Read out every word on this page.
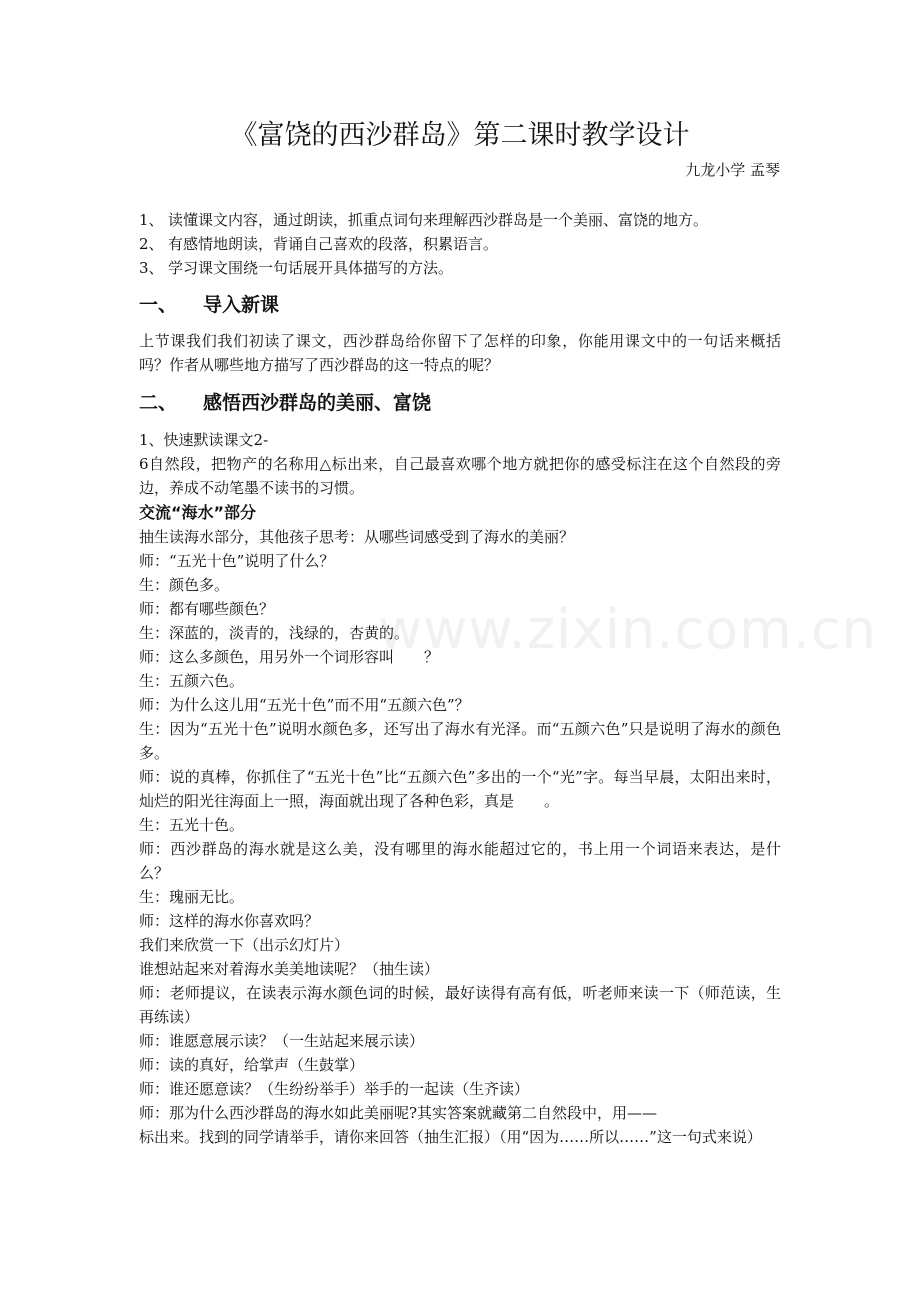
《富饶的西沙群岛》第二课时教学设计
九龙小学 孟琴
1、 读懂课文内容，通过朗读，抓重点词句来理解西沙群岛是一个美丽、富饶的地方。
2、 有感情地朗读，背诵自己喜欢的段落，积累语言。
3、 学习课文围绕一句话展开具体描写的方法。
一、 导入新课
上节课我们我们初读了课文，西沙群岛给你留下了怎样的印象，你能用课文中的一句话来概括吗？作者从哪些地方描写了西沙群岛的这一特点的呢？
二、 感悟西沙群岛的美丽、富饶
1、快速默读课文2-
6自然段，把物产的名称用△标出来，自己最喜欢哪个地方就把你的感受标注在这个自然段的旁边，养成不动笔墨不读书的习惯。
交流“海水”部分
抽生读海水部分，其他孩子思考：从哪些词感受到了海水的美丽？
师：“五光十色”说明了什么？
生：颜色多。
师：都有哪些颜色？
生：深蓝的，淡青的，浅绿的，杏黄的。
师：这么多颜色，用另外一个词形容叫　　？
生：五颜六色。
师：为什么这儿用“五光十色”而不用“五颜六色”？
生：因为“五光十色”说明水颜色多，还写出了海水有光泽。而“五颜六色”只是说明了海水的颜色多。
师：说的真棒，你抓住了“五光十色”比“五颜六色”多出的一个“光”字。每当早晨，太阳出来时，灿烂的阳光往海面上一照，海面就出现了各种色彩，真是　　。
生：五光十色。
师：西沙群岛的海水就是这么美，没有哪里的海水能超过它的，书上用一个词语来表达，是什么？
生：瑰丽无比。
师：这样的海水你喜欢吗？
我们来欣赏一下（出示幻灯片）
谁想站起来对着海水美美地读呢？（抽生读）
师：老师提议，在读表示海水颜色词的时候，最好读得有高有低，听老师来读一下（师范读，生再练读）
师：谁愿意展示读？（一生站起来展示读）
师：读的真好，给掌声（生鼓掌）
师：谁还愿意读？（生纷纷举手）举手的一起读（生齐读）
师：那为什么西沙群岛的海水如此美丽呢?其实答案就藏第二自然段中，用——
标出来。找到的同学请举手，请你来回答（抽生汇报）（用“因为……所以……”这一句式来说）
www.zixin.com.cn
